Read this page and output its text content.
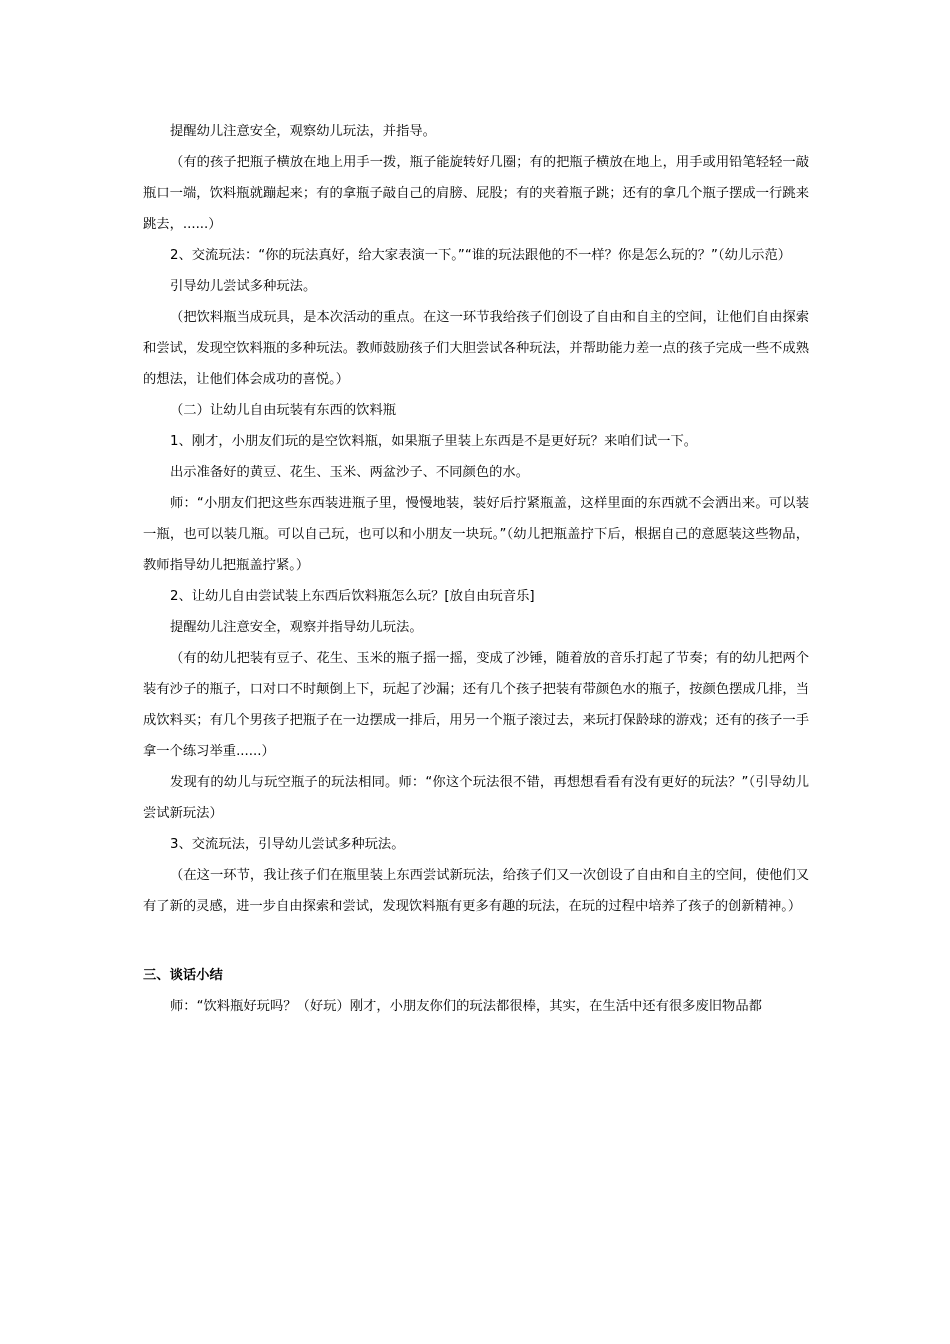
提醒幼儿注意安全，观察幼儿玩法，并指导。

（有的孩子把瓶子横放在地上用手一拨，瓶子能旋转好几圈；有的把瓶子横放在地上，用手或用铅笔轻轻一敲瓶口一端，饮料瓶就蹦起来；有的拿瓶子敲自己的肩膀、屁股；有的夹着瓶子跳；还有的拿几个瓶子摆成一行跳来跳去，......）

2、交流玩法：“你的玩法真好，给大家表演一下。”“谁的玩法跟他的不一样？你是怎么玩的？”（幼儿示范）

引导幼儿尝试多种玩法。

（把饮料瓶当成玩具，是本次活动的重点。在这一环节我给孩子们创设了自由和自主的空间，让他们自由探索和尝试，发现空饮料瓶的多种玩法。教师鼓励孩子们大胆尝试各种玩法，并帮助能力差一点的孩子完成一些不成熟的想法，让他们体会成功的喜悦。）

（二）让幼儿自由玩装有东西的饮料瓶

1、刚才，小朋友们玩的是空饮料瓶，如果瓶子里装上东西是不是更好玩？来咱们试一下。

出示准备好的黄豆、花生、玉米、两盆沙子、不同颜色的水。

师：“小朋友们把这些东西装进瓶子里，慢慢地装，装好后拧紧瓶盖，这样里面的东西就不会洒出来。可以装一瓶，也可以装几瓶。可以自己玩，也可以和小朋友一块玩。”（幼儿把瓶盖拧下后，根据自己的意愿装这些物品，教师指导幼儿把瓶盖拧紧。）

2、让幼儿自由尝试装上东西后饮料瓶怎么玩？[放自由玩音乐]

提醒幼儿注意安全，观察并指导幼儿玩法。

（有的幼儿把装有豆子、花生、玉米的瓶子摇一摇，变成了沙锤，随着放的音乐打起了节奏；有的幼儿把两个装有沙子的瓶子，口对口不时颠倒上下，玩起了沙漏；还有几个孩子把装有带颜色水的瓶子，按颜色摆成几排，当成饮料买；有几个男孩子把瓶子在一边摆成一排后，用另一个瓶子滚过去，来玩打保龄球的游戏；还有的孩子一手拿一个练习举重......）

发现有的幼儿与玩空瓶子的玩法相同。师：“你这个玩法很不错，再想想看看有没有更好的玩法？”（引导幼儿尝试新玩法）

3、交流玩法，引导幼儿尝试多种玩法。

（在这一环节，我让孩子们在瓶里装上东西尝试新玩法，给孩子们又一次创设了自由和自主的空间，使他们又有了新的灵感，进一步自由探索和尝试，发现饮料瓶有更多有趣的玩法，在玩的过程中培养了孩子的创新精神。）

三、谈话小结

师：“饮料瓶好玩吗？（好玩）刚才，小朋友你们的玩法都很棒，其实，在生活中还有很多废旧物品都
